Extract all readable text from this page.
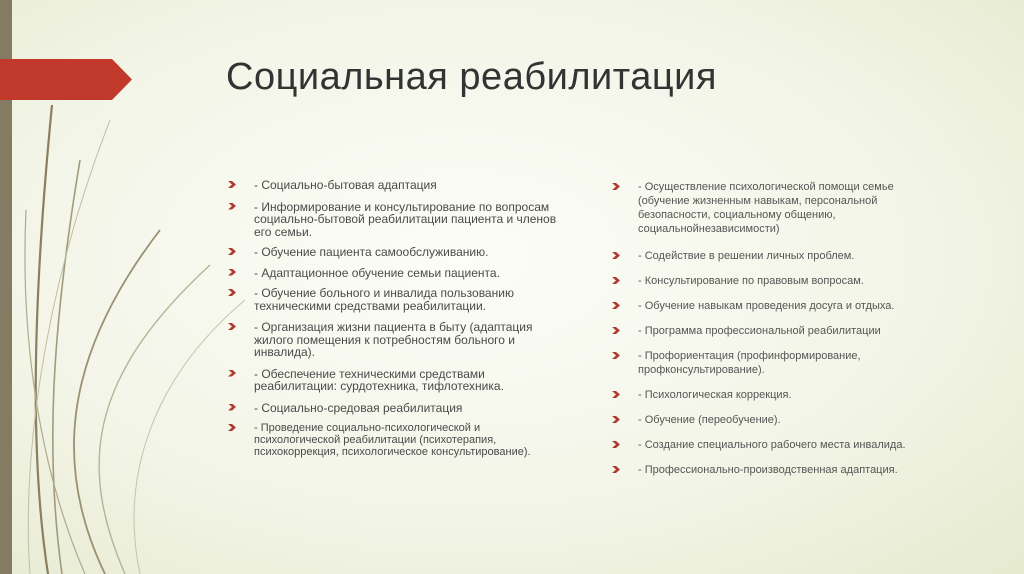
Социальная реабилитация
- Социально-бытовая адаптация
- Информирование и консультирование по вопросам социально-бытовой реабилитации пациента и членов его семьи.
- Обучение пациента самообслуживанию.
- Адаптационное обучение семьи пациента.
- Обучение больного и инвалида пользованию техническими средствами реабилитации.
- Организация жизни пациента в быту (адаптация жилого помещения к потребностям больного и инвалида).
- Обеспечение техническими средствами реабилитации: сурдотехника, тифлотехника.
- Социально-средовая реабилитация
- Проведение социально-психологической и психологической реабилитации (психотерапия, психокоррекция, психологическое консультирование).
- Осуществление психологической помощи семье (обучение жизненным навыкам, персональной безопасности, социальному общению, социальнойнезависимости)
- Содействие в решении личных проблем.
- Консультирование по правовым вопросам.
- Обучение навыкам проведения досуга и отдыха.
- Программа профессиональной реабилитации
- Профориентация (профинформирование, профконсультирование).
- Психологическая коррекция.
- Обучение (переобучение).
- Создание специального рабочего места инвалида.
- Профессионально-производственная адаптация.
